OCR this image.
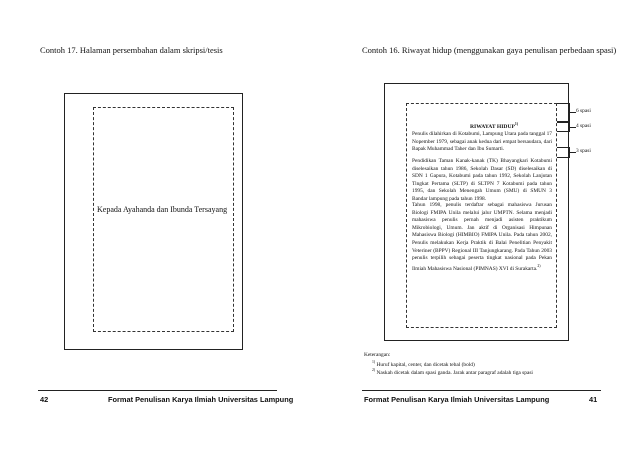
Contoh 17. Halaman persembahan dalam skripsi/tesis
Kepada Ayahanda dan Ibunda Tersayang
42	Format Penulisan Karya Ilmiah Universitas Lampung
Contoh 16. Riwayat hidup (menggunakan gaya penulisan perbedaan spasi)
RIWAYAT HIDUP$^{1)}$
Penulis dilahirkan di Kotabumi, Lampung Utara pada tanggal 17 Nopember 1979, sebagai anak kedua dari empat bersaudara, dari Bapak Muhammad Taher dan Ibu Sumarti.
Pendidikan Taman Kanak-kanak (TK) Bhayangkari Kotabumi diselesaikan tahun 1986, Sekolah Dasar (SD) diselesaikan di SDN 1 Gapura, Kotabumi pada tahun 1992, Sekolah Lanjutan Tingkat Pertama (SLTP) di SLTPN 7 Kotabumi pada tahun 1995, dan Sekolah Menengah Umum (SMU) di SMUN 3 Bandar lampung pada tahun 1998.
Tahun 1998, penulis terdaftar sebagai mahasiswa Jurusan Biologi FMIPA Unila melalui jalur UMPTN. Selama menjadi mahasiswa penulis pernah menjadi asisten praktikum Mikrobiologi, Umum. Jan aktif di Organisasi Himpunan Mahasiswa Biologi (HIMBIO) FMIPA Unila. Pada tahun 2002, Penulis melakukan Kerja Praktik di Balai Penelitian Penyakit Veteriner (BPPV) Regional III Tanjungkarang. Pada Tahun 2003 penulis terpilih sebagai peserta tingkat nasional pada Pekan Ilmiah Mahasiswa Nasional (PIMNAS) XVI di Surakarta.$^{2)}$
6 spasi
4 spasi
3 spasi
Keterangan:
$^{1)}$ Huruf kapital, center, dan dicetak tebal (bold)
$^{2)}$ Naskah dicetak dalam spasi ganda. Jarak antar paragraf adalah tiga spasi
Format Penulisan Karya Ilmiah Universitas Lampung	41
